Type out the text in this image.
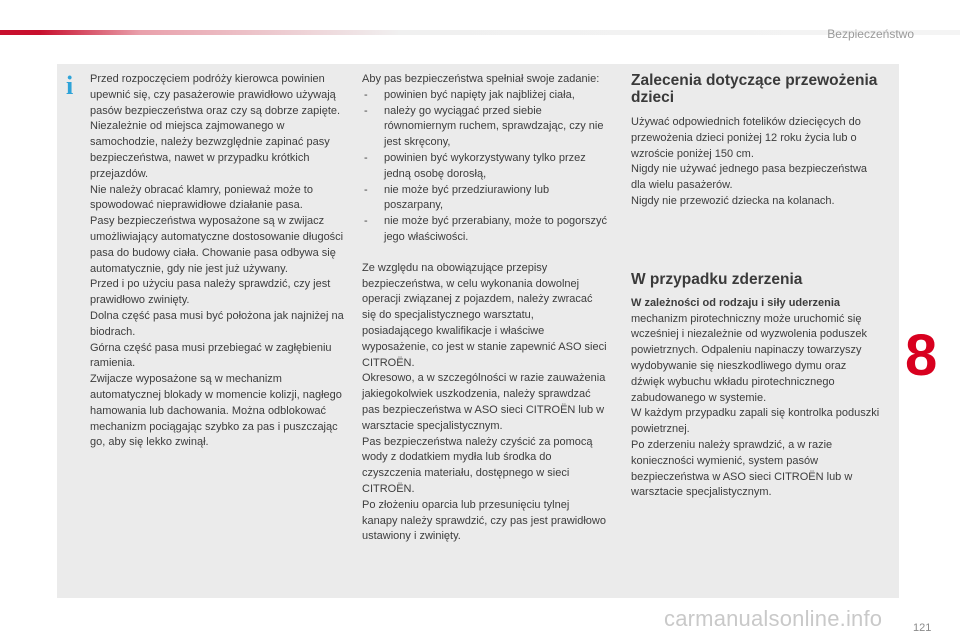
Bezpieczeństwo
i	Przed rozpoczęciem podróży kierowca powinien upewnić się, czy pasażerowie prawidłowo używają pasów bezpieczeństwa oraz czy są dobrze zapięte.

Niezależnie od miejsca zajmowanego w samochodzie, należy bezwzględnie zapinać pasy bezpieczeństwa, nawet w przypadku krótkich przejazdów.

Nie należy obracać klamry, ponieważ może to spowodować nieprawidłowe działanie pasa.

Pasy bezpieczeństwa wyposażone są w zwijacz umożliwiający automatyczne dostosowanie długości pasa do budowy ciała. Chowanie pasa odbywa się automatycznie, gdy nie jest już używany.

Przed i po użyciu pasa należy sprawdzić, czy jest prawidłowo zwinięty.

Dolna część pasa musi być położona jak najniżej na biodrach.

Górna część pasa musi przebiegać w zagłębieniu ramienia.

Zwijacze wyposażone są w mechanizm automatycznej blokady w momencie kolizji, nagłego hamowania lub dachowania. Można odblokować mechanizm pociągając szybko za pas i puszczając go, aby się lekko zwinął.

Aby pas bezpieczeństwa spełniał swoje zadanie:

- powinien być napięty jak najbliżej ciała,
- należy go wyciągać przed siebie równomiernym ruchem, sprawdzając, czy nie jest skręcony,
- powinien być wykorzystywany tylko przez jedną osobę dorosłą,
- nie może być przedziurawiony lub poszarpany,
- nie może być przerabiany, może to pogorszyć jego właściwości.

Ze względu na obowiązujące przepisy bezpieczeństwa, w celu wykonania dowolnej operacji związanej z pojazdem, należy zwracać się do specjalistycznego warsztatu, posiadającego kwalifikacje i właściwe wyposażenie, co jest w stanie zapewnić ASO sieci CITROËN.

Okresowo, a w szczególności w razie zauważenia jakiegokolwiek uszkodzenia, należy sprawdzać pas bezpieczeństwa w ASO sieci CITROËN lub w warsztacie specjalistycznym.

Pas bezpieczeństwa należy czyścić za pomocą wody z dodatkiem mydła lub środka do czyszczenia materiału, dostępnego w sieci CITROËN.

Po złożeniu oparcia lub przesunięciu tylnej kanapy należy sprawdzić, czy pas jest prawidłowo ustawiony i zwinięty.

Zalecenia dotyczące przewożenia dzieci

Używać odpowiednich fotelików dziecięcych do przewożenia dzieci poniżej 12 roku życia lub o wzroście poniżej 150 cm.

Nigdy nie używać jednego pasa bezpieczeństwa dla wielu pasażerów.

Nigdy nie przewozić dziecka na kolanach.

W przypadku zderzenia

W zależności od rodzaju i siły uderzenia mechanizm pirotechniczny może uruchomić się wcześniej i niezależnie od wyzwolenia poduszek powietrznych. Odpaleniu napinaczy towarzyszy wydobywanie się nieszkodliwego dymu oraz dźwięk wybuchu wkładu pirotechnicznego zabudowanego w systemie.

W każdym przypadku zapali się kontrolka poduszki powietrznej.

Po zderzeniu należy sprawdzić, a w razie konieczności wymienić, system pasów bezpieczeństwa w ASO sieci CITROËN lub w warsztacie specjalistycznym.

8
carmanualsonline.info	121
